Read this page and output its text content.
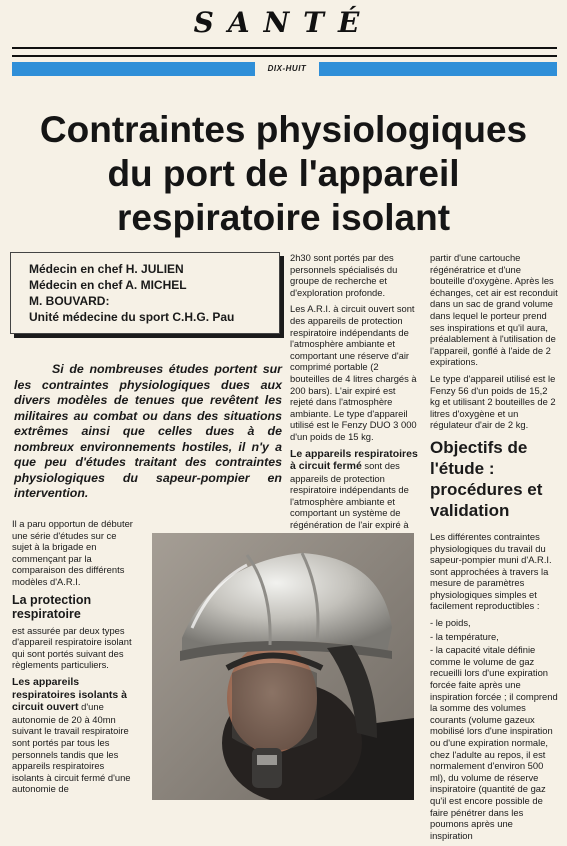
SANTÉ
DIX-HUIT
Contraintes physiologiques
du port de l'appareil
respiratoire isolant
Médecin en chef H. JULIEN
Médecin en chef A. MICHEL
M. BOUVARD:
Unité médecine du sport C.H.G. Pau
Si de nombreuses études portent sur les contraintes physiologiques dues aux divers modèles de tenues que revêtent les militaires au combat ou dans des situations extrêmes ainsi que celles dues à de nombreux environnements hostiles, il n'y a que peu d'études traitant des contraintes physiologiques du sapeur-pompier en intervention.

Il a paru opportun de débuter une série d'études sur ce sujet à la brigade en commençant par la comparaison des différents modèles d'A.R.I.

La protection respiratoire

est assurée par deux types d'appareil respiratoire isolant qui sont portés suivant des règlements particuliers.

Les appareils respiratoires isolants à circuit ouvert d'une autonomie de 20 à 40mn suivant le travail respiratoire sont portés par tous les personnels tandis que les appareils respiratoires isolants à circuit fermé d'une autonomie de

2h30 sont portés par des personnels spécialisés du groupe de recherche et d'exploration profonde.

Les A.R.I. à circuit ouvert sont des appareils de protection respiratoire indépendants de l'atmosphère ambiante et comportant une réserve d'air comprimé portable (2 bouteilles de 4 litres chargés à 200 bars). L'air expiré est rejeté dans l'atmosphère ambiante. Le type d'appareil utilisé est le Fenzy DUO 3 000 d'un poids de 15 kg.

Le appareils respiratoires à circuit fermé sont des appareils de protection respiratoire indépendants de l'atmosphère ambiante et comportant un système de régénération de l'air expiré à

partir d'une cartouche régénératrice et d'une bouteille d'oxygène. Après les échanges, cet air est reconduit dans un sac de grand volume dans lequel le porteur prend ses inspirations et qu'il aura, préalablement à l'utilisation de l'appareil, gonflé à l'aide de 2 expirations.

Le type d'appareil utilisé est le Fenzy 56 d'un poids de 15,2 kg et utilisant 2 bouteilles de 2 litres d'oxygène et un régulateur d'air de 2 kg.

Objectifs de l'étude : procédures et validation

Les différentes contraintes physiologiques du travail du sapeur-pompier muni d'A.R.I. sont approchées à travers la mesure de paramètres physiologiques simples et facilement reproductibles :

- le poids,

- la température,

- la capacité vitale définie comme le volume de gaz recueilli lors d'une expiration forcée faite après une inspiration forcée ; il comprend la somme des volumes courants (volume gazeux mobilisé lors d'une inspiration ou d'une expiration normale, chez l'adulte au repos, il est normalement d'environ 500 ml), du volume de réserve inspiratoire (quantité de gaz qu'il est encore possible de faire pénétrer dans les poumons après une inspiration
